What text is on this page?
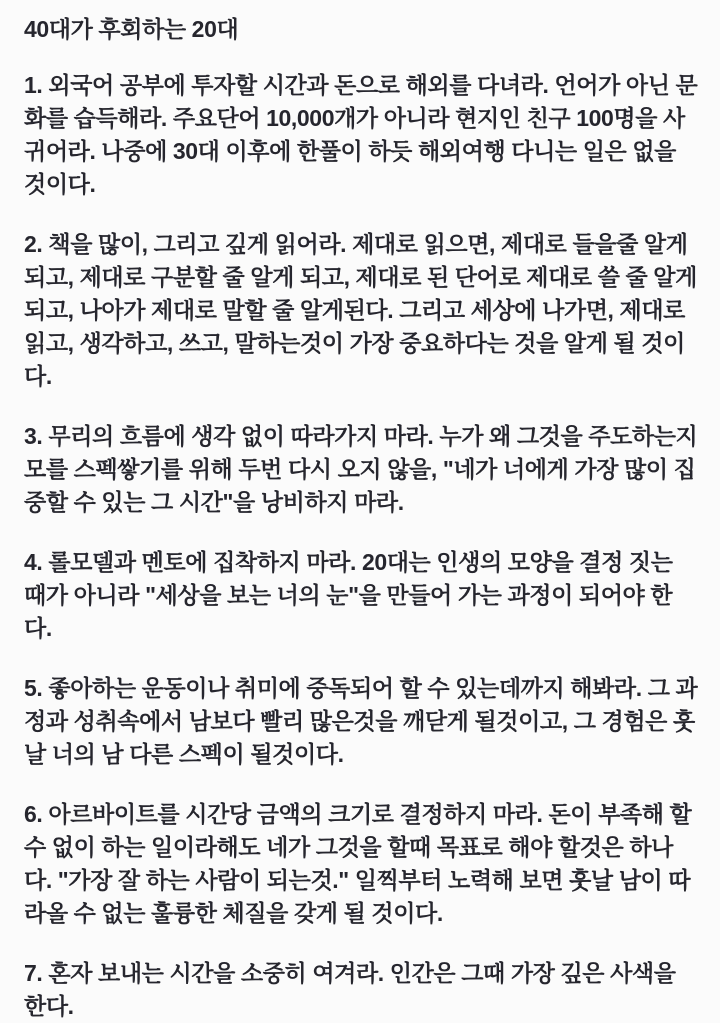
40대가 후회하는 20대

1. 외국어 공부에 투자할 시간과 돈으로 해외를 다녀라. 언어가 아닌 문화를 습득해라. 주요단어 10,000개가 아니라 현지인 친구 100명을 사귀어라. 나중에 30대 이후에 한풀이 하듯 해외여행 다니는 일은 없을 것이다.

2. 책을 많이, 그리고 깊게 읽어라. 제대로 읽으면, 제대로 들을줄 알게 되고, 제대로 구분할 줄 알게 되고, 제대로 된 단어로 제대로 쓸 줄 알게 되고, 나아가 제대로 말할 줄 알게된다. 그리고 세상에 나가면, 제대로 읽고, 생각하고, 쓰고, 말하는것이 가장 중요하다는 것을 알게 될 것이다.

3. 무리의 흐름에 생각 없이 따라가지 마라. 누가 왜 그것을 주도하는지 모를 스펙쌓기를 위해 두번 다시 오지 않을, "네가 너에게 가장 많이 집중할 수 있는 그 시간"을 낭비하지 마라.

4. 롤모델과 멘토에 집착하지 마라. 20대는 인생의 모양을 결정 짓는 때가 아니라 "세상을 보는 너의 눈"을 만들어 가는 과정이 되어야 한다.

5. 좋아하는 운동이나 취미에 중독되어 할 수 있는데까지 해봐라. 그 과정과 성취속에서 남보다 빨리 많은것을 깨닫게 될것이고, 그 경험은 훗날 너의 남 다른 스펙이 될것이다.

6. 아르바이트를 시간당 금액의 크기로 결정하지 마라. 돈이 부족해 할 수 없이 하는 일이라해도 네가 그것을 할때 목표로 해야 할것은 하나다. "가장 잘 하는 사람이 되는것." 일찍부터 노력해 보면 훗날 남이 따라올 수 없는 훌륭한 체질을 갖게 될 것이다.

7. 혼자 보내는 시간을 소중히 여겨라. 인간은 그때 가장 깊은 사색을 한다.
